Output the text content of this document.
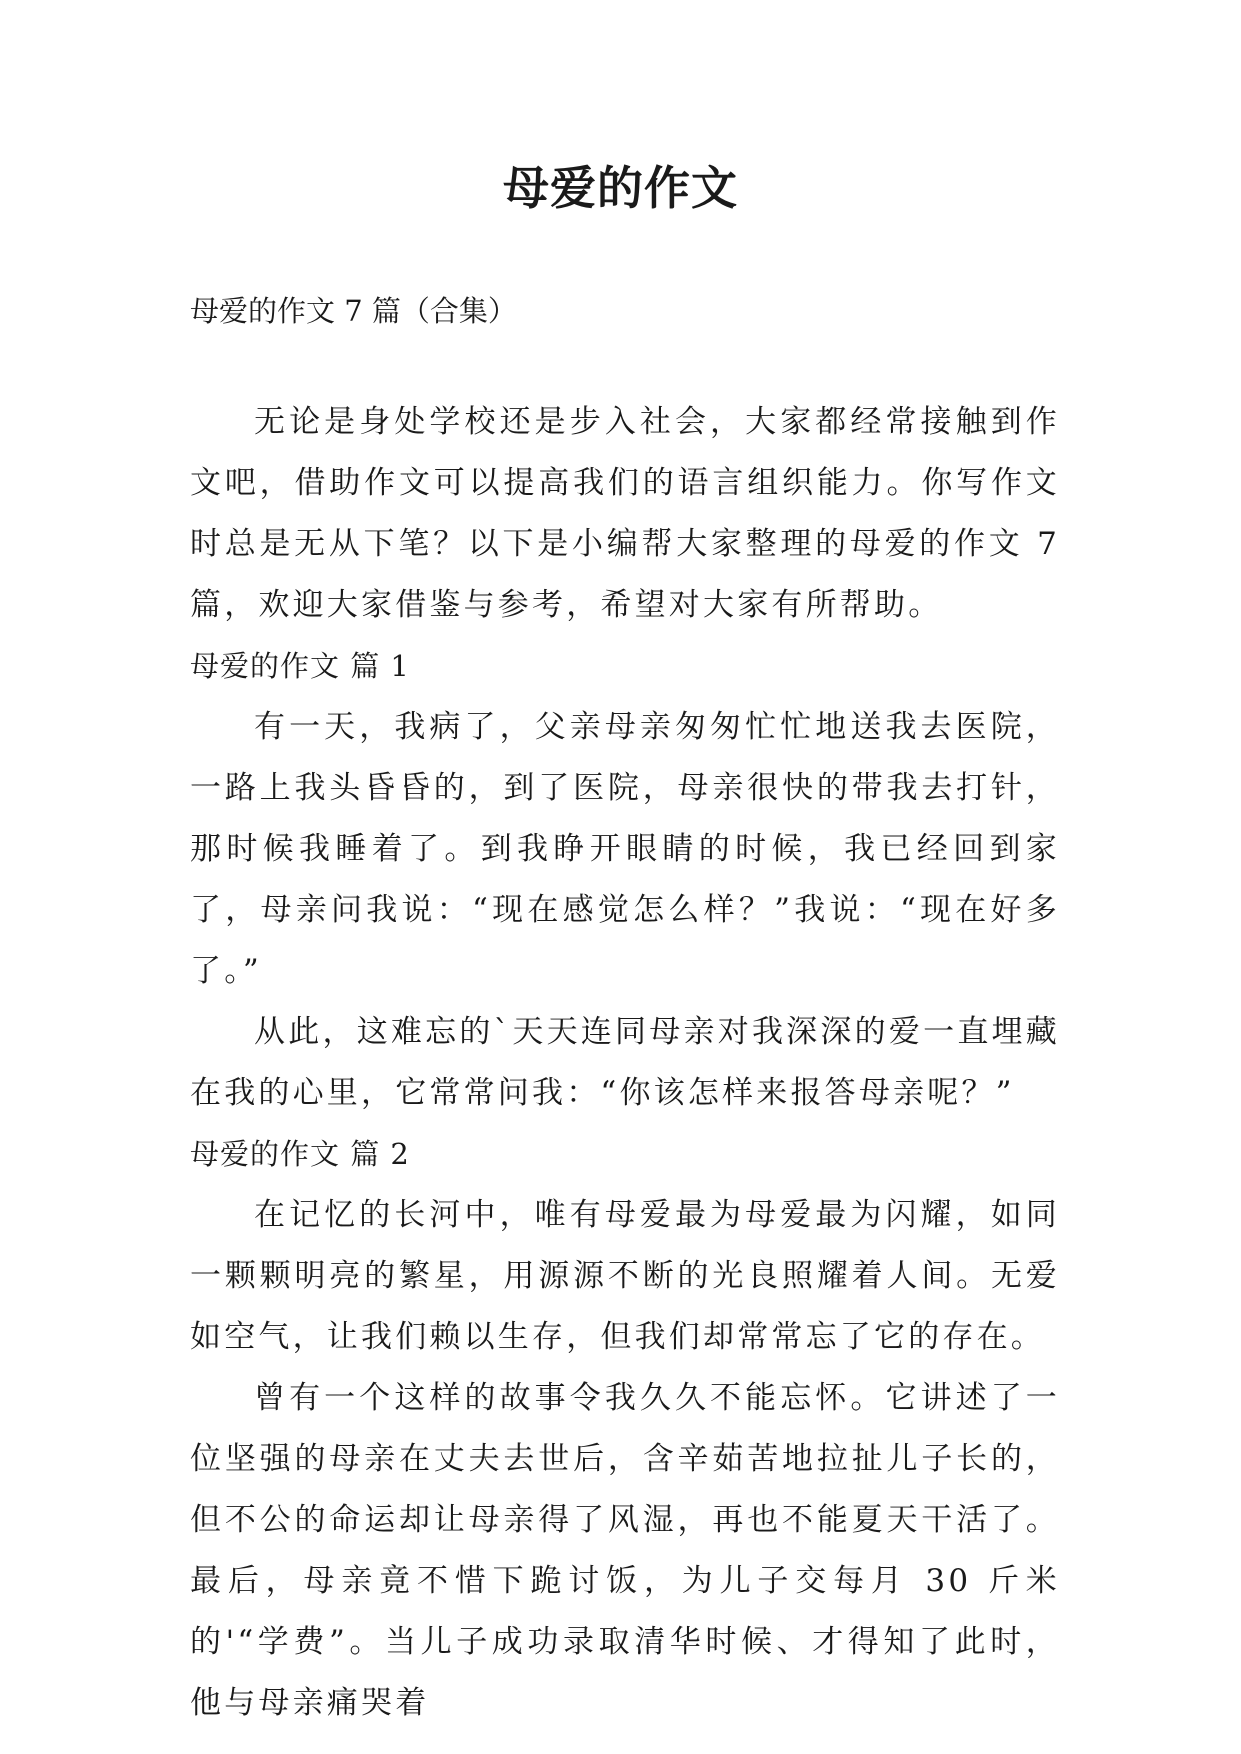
母爱的作文

母爱的作文 7 篇（合集）

无论是身处学校还是步入社会，大家都经常接触到作文吧，借助作文可以提高我们的语言组织能力。你写作文时总是无从下笔？以下是小编帮大家整理的母爱的作文 7 篇，欢迎大家借鉴与参考，希望对大家有所帮助。

母爱的作文 篇 1

有一天，我病了，父亲母亲匆匆忙忙地送我去医院，一路上我头昏昏的，到了医院，母亲很快的带我去打针，那时候我睡着了。到我睁开眼睛的时候，我已经回到家了，母亲问我说：“现在感觉怎么样？”我说：“现在好多了。”

从此，这难忘的`天天连同母亲对我深深的爱一直埋藏在我的心里，它常常问我：“你该怎样来报答母亲呢？”

母爱的作文 篇 2

在记忆的长河中，唯有母爱最为母爱最为闪耀，如同一颗颗明亮的繁星，用源源不断的光良照耀着人间。无爱如空气，让我们赖以生存，但我们却常常忘了它的存在。

曾有一个这样的故事令我久久不能忘怀。它讲述了一位坚强的母亲在丈夫去世后，含辛茹苦地拉扯儿子长的，但不公的命运却让母亲得了风湿，再也不能夏天干活了。最后，母亲竟不惜下跪讨饭，为儿子交每月 30 斤米的'“学费”。当儿子成功录取清华时候、才得知了此时，他与母亲痛哭着
